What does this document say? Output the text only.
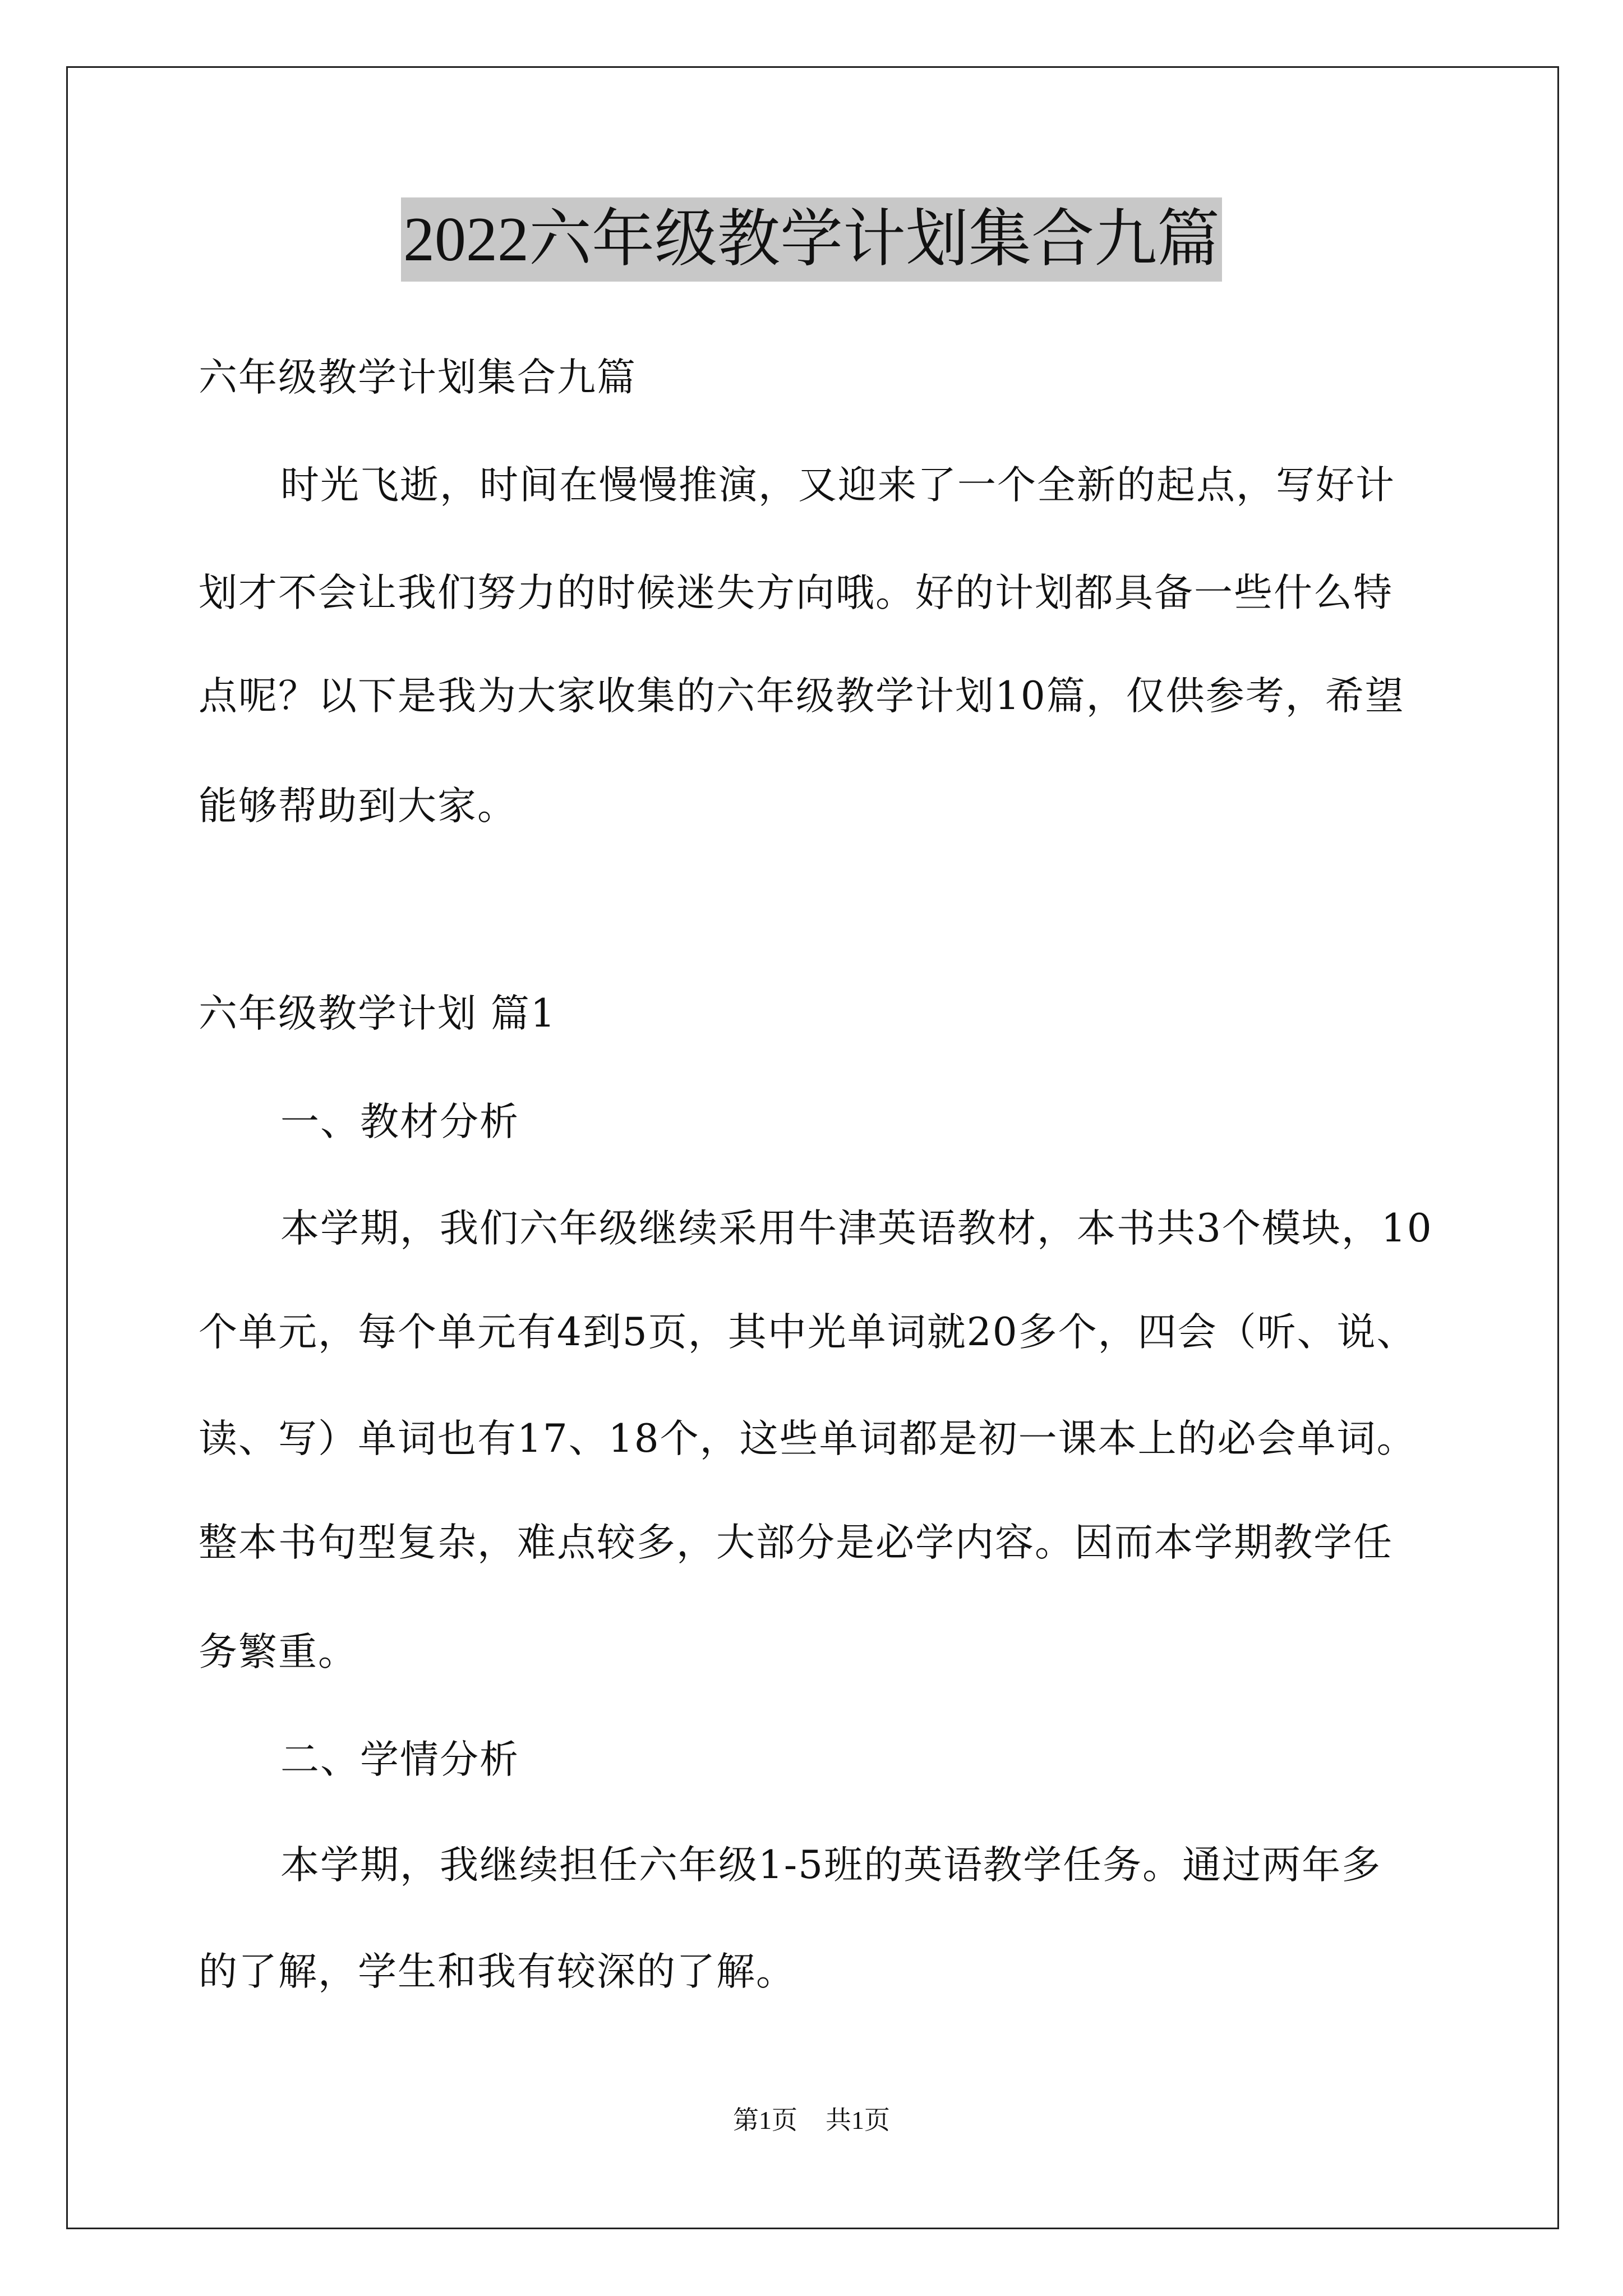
2022六年级教学计划集合九篇
六年级教学计划集合九篇
时光飞逝，时间在慢慢推演，又迎来了一个全新的起点，写好计
划才不会让我们努力的时候迷失方向哦。好的计划都具备一些什么特
点呢？以下是我为大家收集的六年级教学计划10篇，仅供参考，希望
能够帮助到大家。
六年级教学计划 篇1
一、教材分析
本学期，我们六年级继续采用牛津英语教材，本书共3个模块，10
个单元，每个单元有4到5页，其中光单词就20多个，四会（听、说、
读、写）单词也有17、18个，这些单词都是初一课本上的必会单词。
整本书句型复杂，难点较多，大部分是必学内容。因而本学期教学任
务繁重。
二、学情分析
本学期，我继续担任六年级1-5班的英语教学任务。通过两年多
的了解，学生和我有较深的了解。
第1页 共1页
